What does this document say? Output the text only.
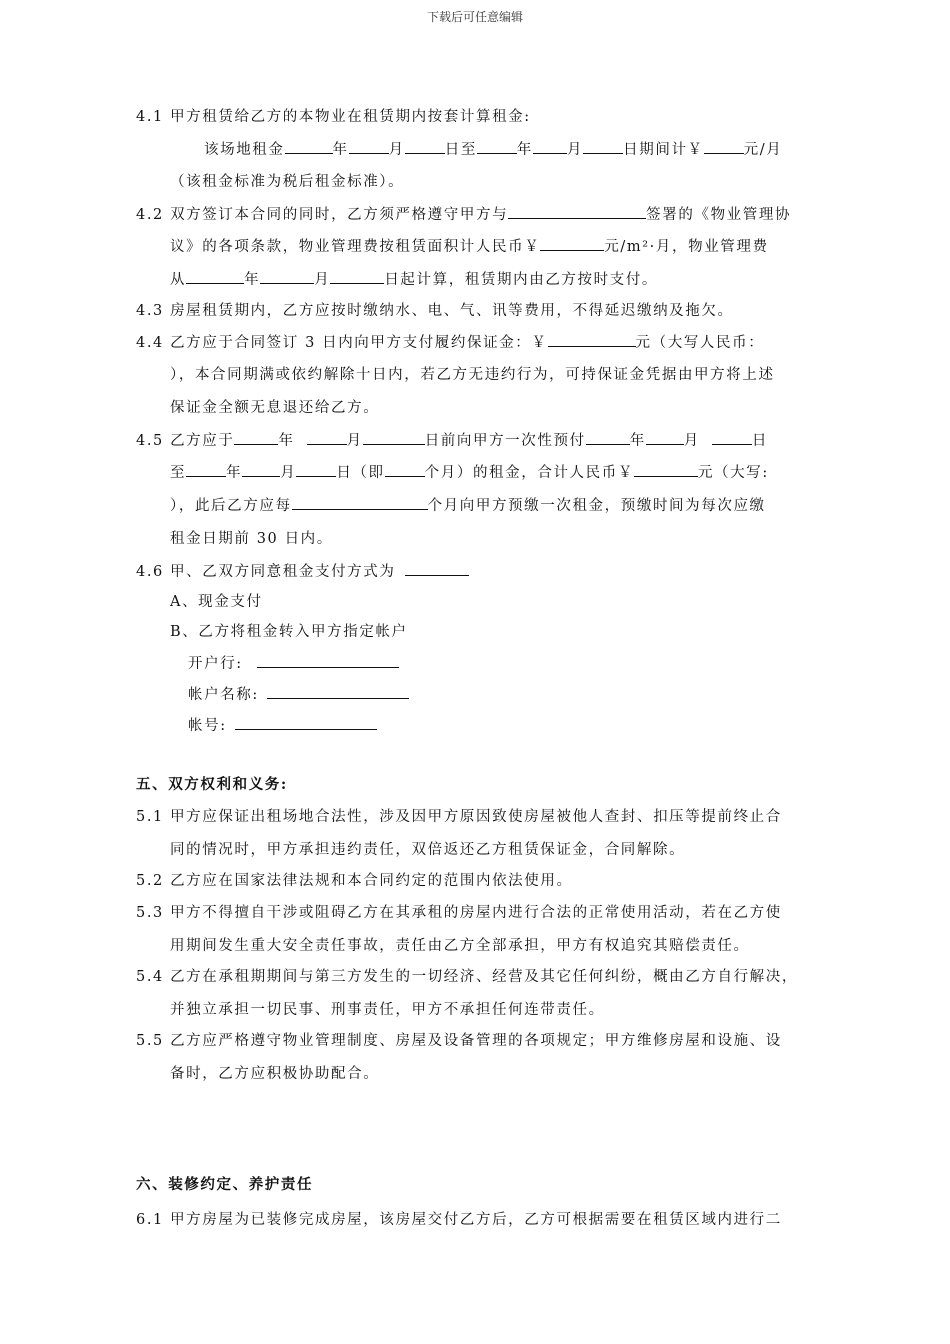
下载后可任意编辑
4.1 甲方租赁给乙方的本物业在租赁期内按套计算租金:
该场地租金	年	月	日至	年 月	日期间计￥	元/月
（该租金标准为税后租金标准）。
4.2 双方签订本合同的同时，乙方须严格遵守甲方与	签署的《物业管理协
议》的各项条款，物业管理费按租赁面积计人民币￥	元/m²·月，物业管理费
从	年	月	日起计算，租赁期内由乙方按时支付。
4.3 房屋租赁期内，乙方应按时缴纳水、电、气、讯等费用，不得延迟缴纳及拖欠。
4.4 乙方应于合同签订 3 日内向甲方支付履约保证金：￥	元（大写人民币：
），本合同期满或依约解除十日内，若乙方无违约行为，可持保证金凭据由甲方将上述
保证金全额无息退还给乙方。
4.5 乙方应于	年	月	日前向甲方一次性预付	年	月	日
至	年	月	日（即	个月）的租金，合计人民币￥	元（大写:
），此后乙方应每	个月向甲方预缴一次租金，预缴时间为每次应缴
租金日期前 30 日内。
4.6 甲、乙双方同意租金支付方式为
A、现金支付
B、乙方将租金转入甲方指定帐户
开户行:
帐户名称:
帐号:
五、双方权利和义务:
5.1 甲方应保证出租场地合法性，涉及因甲方原因致使房屋被他人查封、扣压等提前终止合
同的情况时，甲方承担违约责任，双倍返还乙方租赁保证金，合同解除。
5.2 乙方应在国家法律法规和本合同约定的范围内依法使用。
5.3 甲方不得擅自干涉或阻碍乙方在其承租的房屋内进行合法的正常使用活动，若在乙方使
用期间发生重大安全责任事故，责任由乙方全部承担，甲方有权追究其赔偿责任。
5.4 乙方在承租期期间与第三方发生的一切经济、经营及其它任何纠纷，概由乙方自行解决，
并独立承担一切民事、刑事责任，甲方不承担任何连带责任。
5.5 乙方应严格遵守物业管理制度、房屋及设备管理的各项规定；甲方维修房屋和设施、设
备时，乙方应积极协助配合。
六、装修约定、养护责任
6.1 甲方房屋为已装修完成房屋，该房屋交付乙方后，乙方可根据需要在租赁区域内进行二
